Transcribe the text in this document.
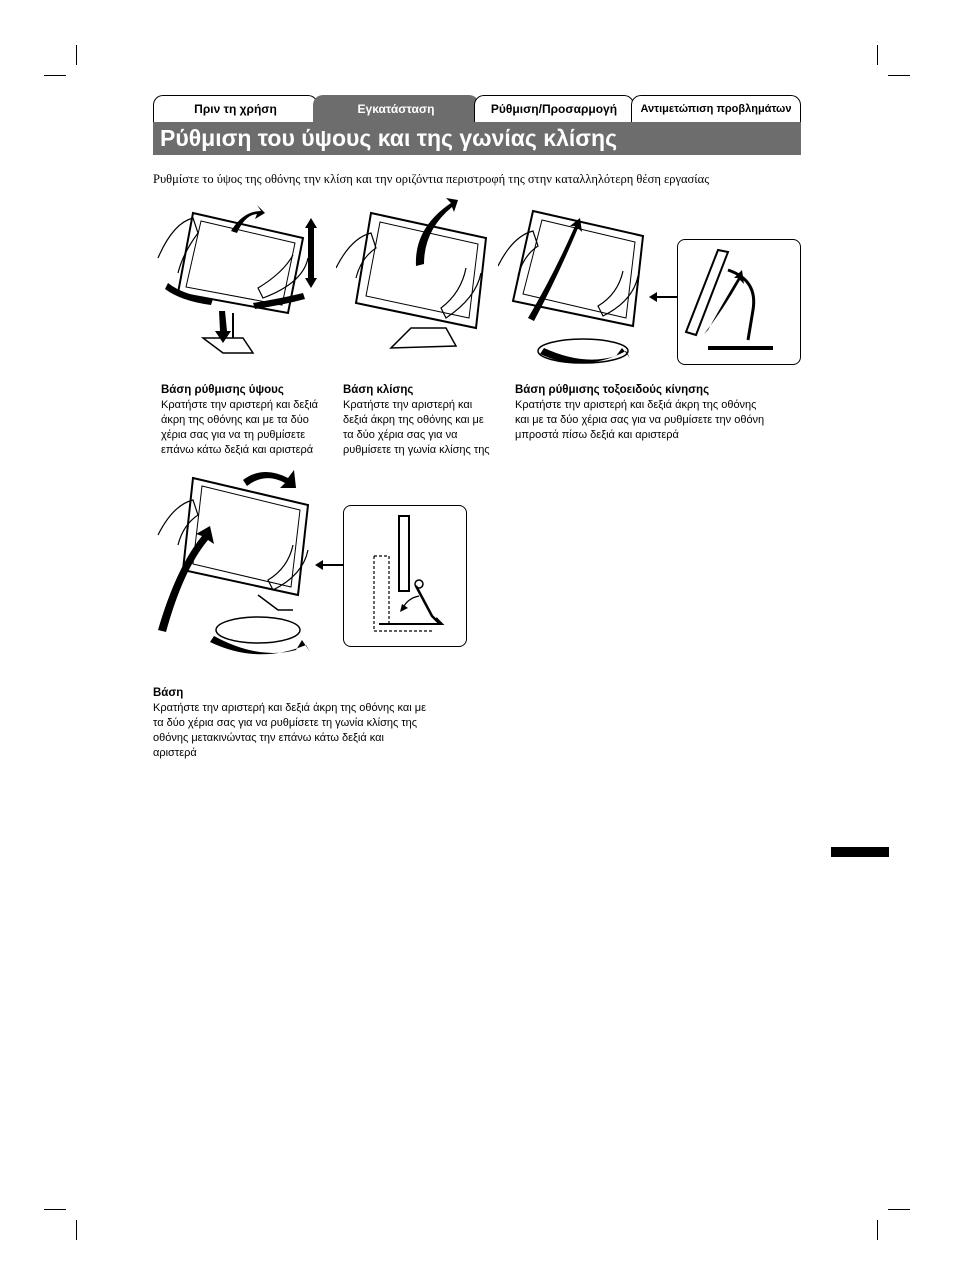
Πριν τη χρήση	Εγκατάσταση	Ρύθμιση/Προσαρμογή	Αντιμετώπιση προβλημάτων
Ρύθμιση του ύψους και της γωνίας κλίσης
Ρυθμίστε το ύψος της οθόνης την κλίση και την οριζόντια περιστροφή της στην καταλληλότερη θέση εργασίας
Βάση ρύθμισης ύψους
Κρατήστε την αριστερή και δεξιά
άκρη της οθόνης και με τα δύο
χέρια σας για να τη ρυθμίσετε
επάνω κάτω δεξιά και αριστερά
Βάση κλίσης
Κρατήστε την αριστερή και
δεξιά άκρη της οθόνης και με
τα δύο χέρια σας για να
ρυθμίσετε τη γωνία κλίσης της
Βάση ρύθμισης τοξοειδούς κίνησης
Κρατήστε την αριστερή και δεξιά άκρη της οθόνης
και με τα δύο χέρια σας για να ρυθμίσετε την οθόνη
μπροστά πίσω δεξιά και αριστερά
Βάση
Κρατήστε την αριστερή και δεξιά άκρη της οθόνης και με
τα δύο χέρια σας για να ρυθμίσετε τη γωνία κλίσης της
οθόνης μετακινώντας την επάνω κάτω δεξιά και
αριστερά
